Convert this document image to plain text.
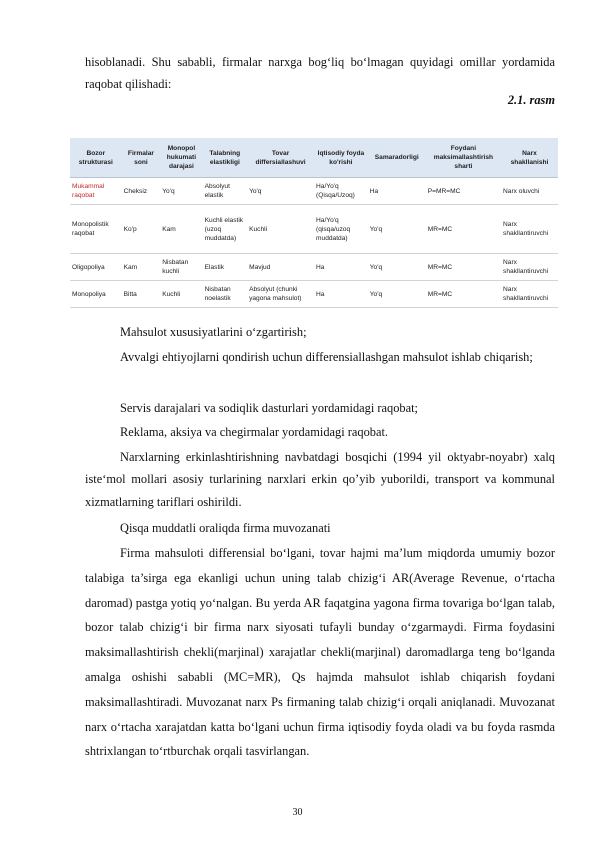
hisoblanadi. Shu sababli, firmalar narxga bog‘liq bo‘lmagan quyidagi omillar yordamida raqobat qilishadi:

2.1. rasm
Bozor strukturasi	Firmalar soni	Monopol hukumati darajasi	Talabning elastikligi	Tovar differsiallashuvi	Iqtisodiy foyda ko'rishi	Samaradorligi	Foydani maksimallashtirish sharti	Narx shakllanishi
Mukammal raqobat	Cheksiz	Yo'q	Absolyut elastik	Yo'q	Ha/Yo'q (Qisqa/Uzoq)	Ha	P=MR=MC	Narx oluvchi
Monopolistik raqobat	Ko'p	Kam	Kuchli elastik (uzoq muddatda)	Kuchli	Ha/Yo'q (qisqa/uzoq muddatda)	Yo'q	MR=MC	Narx shakllantiruvchi
Oligopoliya	Kam	Nisbatan kuchli	Elastik	Mavjud	Ha	Yo'q	MR=MC	Narx shakllantiruvchi
Monopoliya	Bitta	Kuchli	Nisbatan noelastik	Absolyut (chunki yagona mahsulot)	Ha	Yo'q	MR=MC	Narx shakllantiruvchi

Mahsulot xususiyatlarini o‘zgartirish;

Avvalgi ehtiyojlarni qondirish uchun differensiallashgan mahsulot ishlab chiqarish;

Servis darajalari va sodiqlik dasturlari yordamidagi raqobat;

Reklama, aksiya va chegirmalar yordamidagi raqobat.

Narxlarning erkinlashtirishning navbatdagi bosqichi (1994 yil oktyabr-noyabr) xalq iste‘mol mollari asosiy turlarining narxlari erkin qo’yib yuborildi, transport va kommunal xizmatlarning tariflari oshirildi.

Qisqa muddatli oraliqda firma muvozanati

Firma mahsuloti differensial bo‘lgani, tovar hajmi ma’lum miqdorda umumiy bozor talabiga ta’sirga ega ekanligi uchun uning talab chizig‘i AR(Average Revenue, o‘rtacha daromad) pastga yotiq yo‘nalgan. Bu yerda AR faqatgina yagona firma tovariga bo‘lgan talab, bozor talab chizig‘i bir firma narx siyosati tufayli bunday o‘zgarmaydi. Firma foydasini maksimallashtirish chekli(marjinal) xarajatlar chekli(marjinal) daromadlarga teng bo‘lganda amalga oshishi sababli (MC=MR), Qs hajmda mahsulot ishlab chiqarish foydani maksimallashtiradi. Muvozanat narx Ps firmaning talab chizig‘i orqali aniqlanadi. Muvozanat narx o‘rtacha xarajatdan katta bo‘lgani uchun firma iqtisodiy foyda oladi va bu foyda rasmda shtrixlangan to‘rtburchak orqali tasvirlangan.

30
